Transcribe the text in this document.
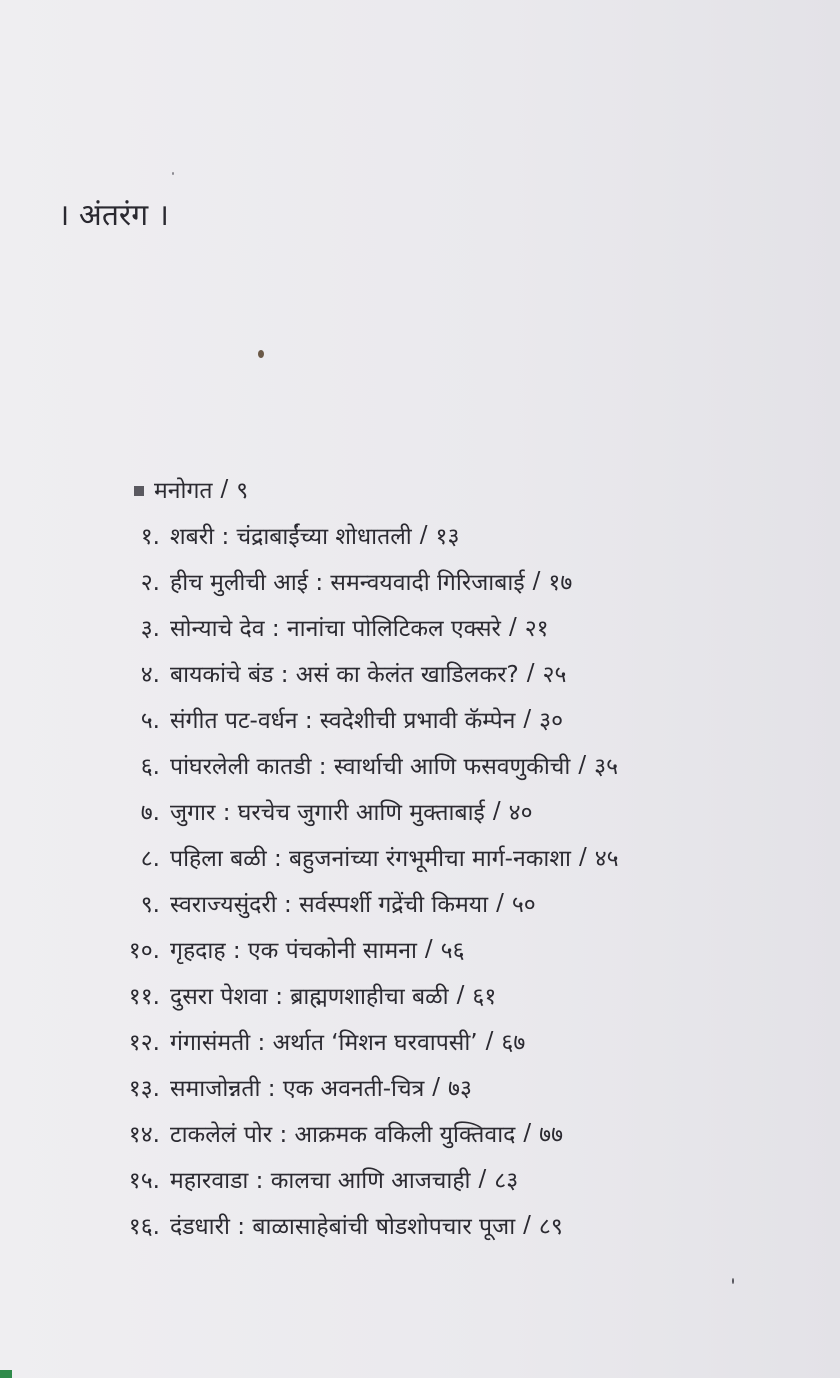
। अंतरंग ।
मनोगत / ९
१. शबरी : चंद्राबाईंच्या शोधातली / १३
२. हीच मुलीची आई : समन्वयवादी गिरिजाबाई / १७
३. सोन्याचे देव : नानांचा पोलिटिकल एक्सरे / २१
४. बायकांचे बंड : असं का केलंत खाडिलकर? / २५
५. संगीत पट-वर्धन : स्वदेशीची प्रभावी कॅम्पेन / ३०
६. पांघरलेली कातडी : स्वार्थाची आणि फसवणुकीची / ३५
७. जुगार : घरचेच जुगारी आणि मुक्ताबाई / ४०
८. पहिला बळी : बहुजनांच्या रंगभूमीचा मार्ग-नकाशा / ४५
९. स्वराज्यसुंदरी : सर्वस्पर्शी गद्रेंची किमया / ५०
१०. गृहदाह : एक पंचकोनी सामना / ५६
११. दुसरा पेशवा : ब्राह्मणशाहीचा बळी / ६१
१२. गंगासंमती : अर्थात ‘मिशन घरवापसी’ / ६७
१३. समाजोन्नती : एक अवनती-चित्र / ७३
१४. टाकलेलं पोर : आक्रमक वकिली युक्तिवाद / ७७
१५. महारवाडा : कालचा आणि आजचाही / ८३
१६. दंडधारी : बाळासाहेबांची षोडशोपचार पूजा / ८९
